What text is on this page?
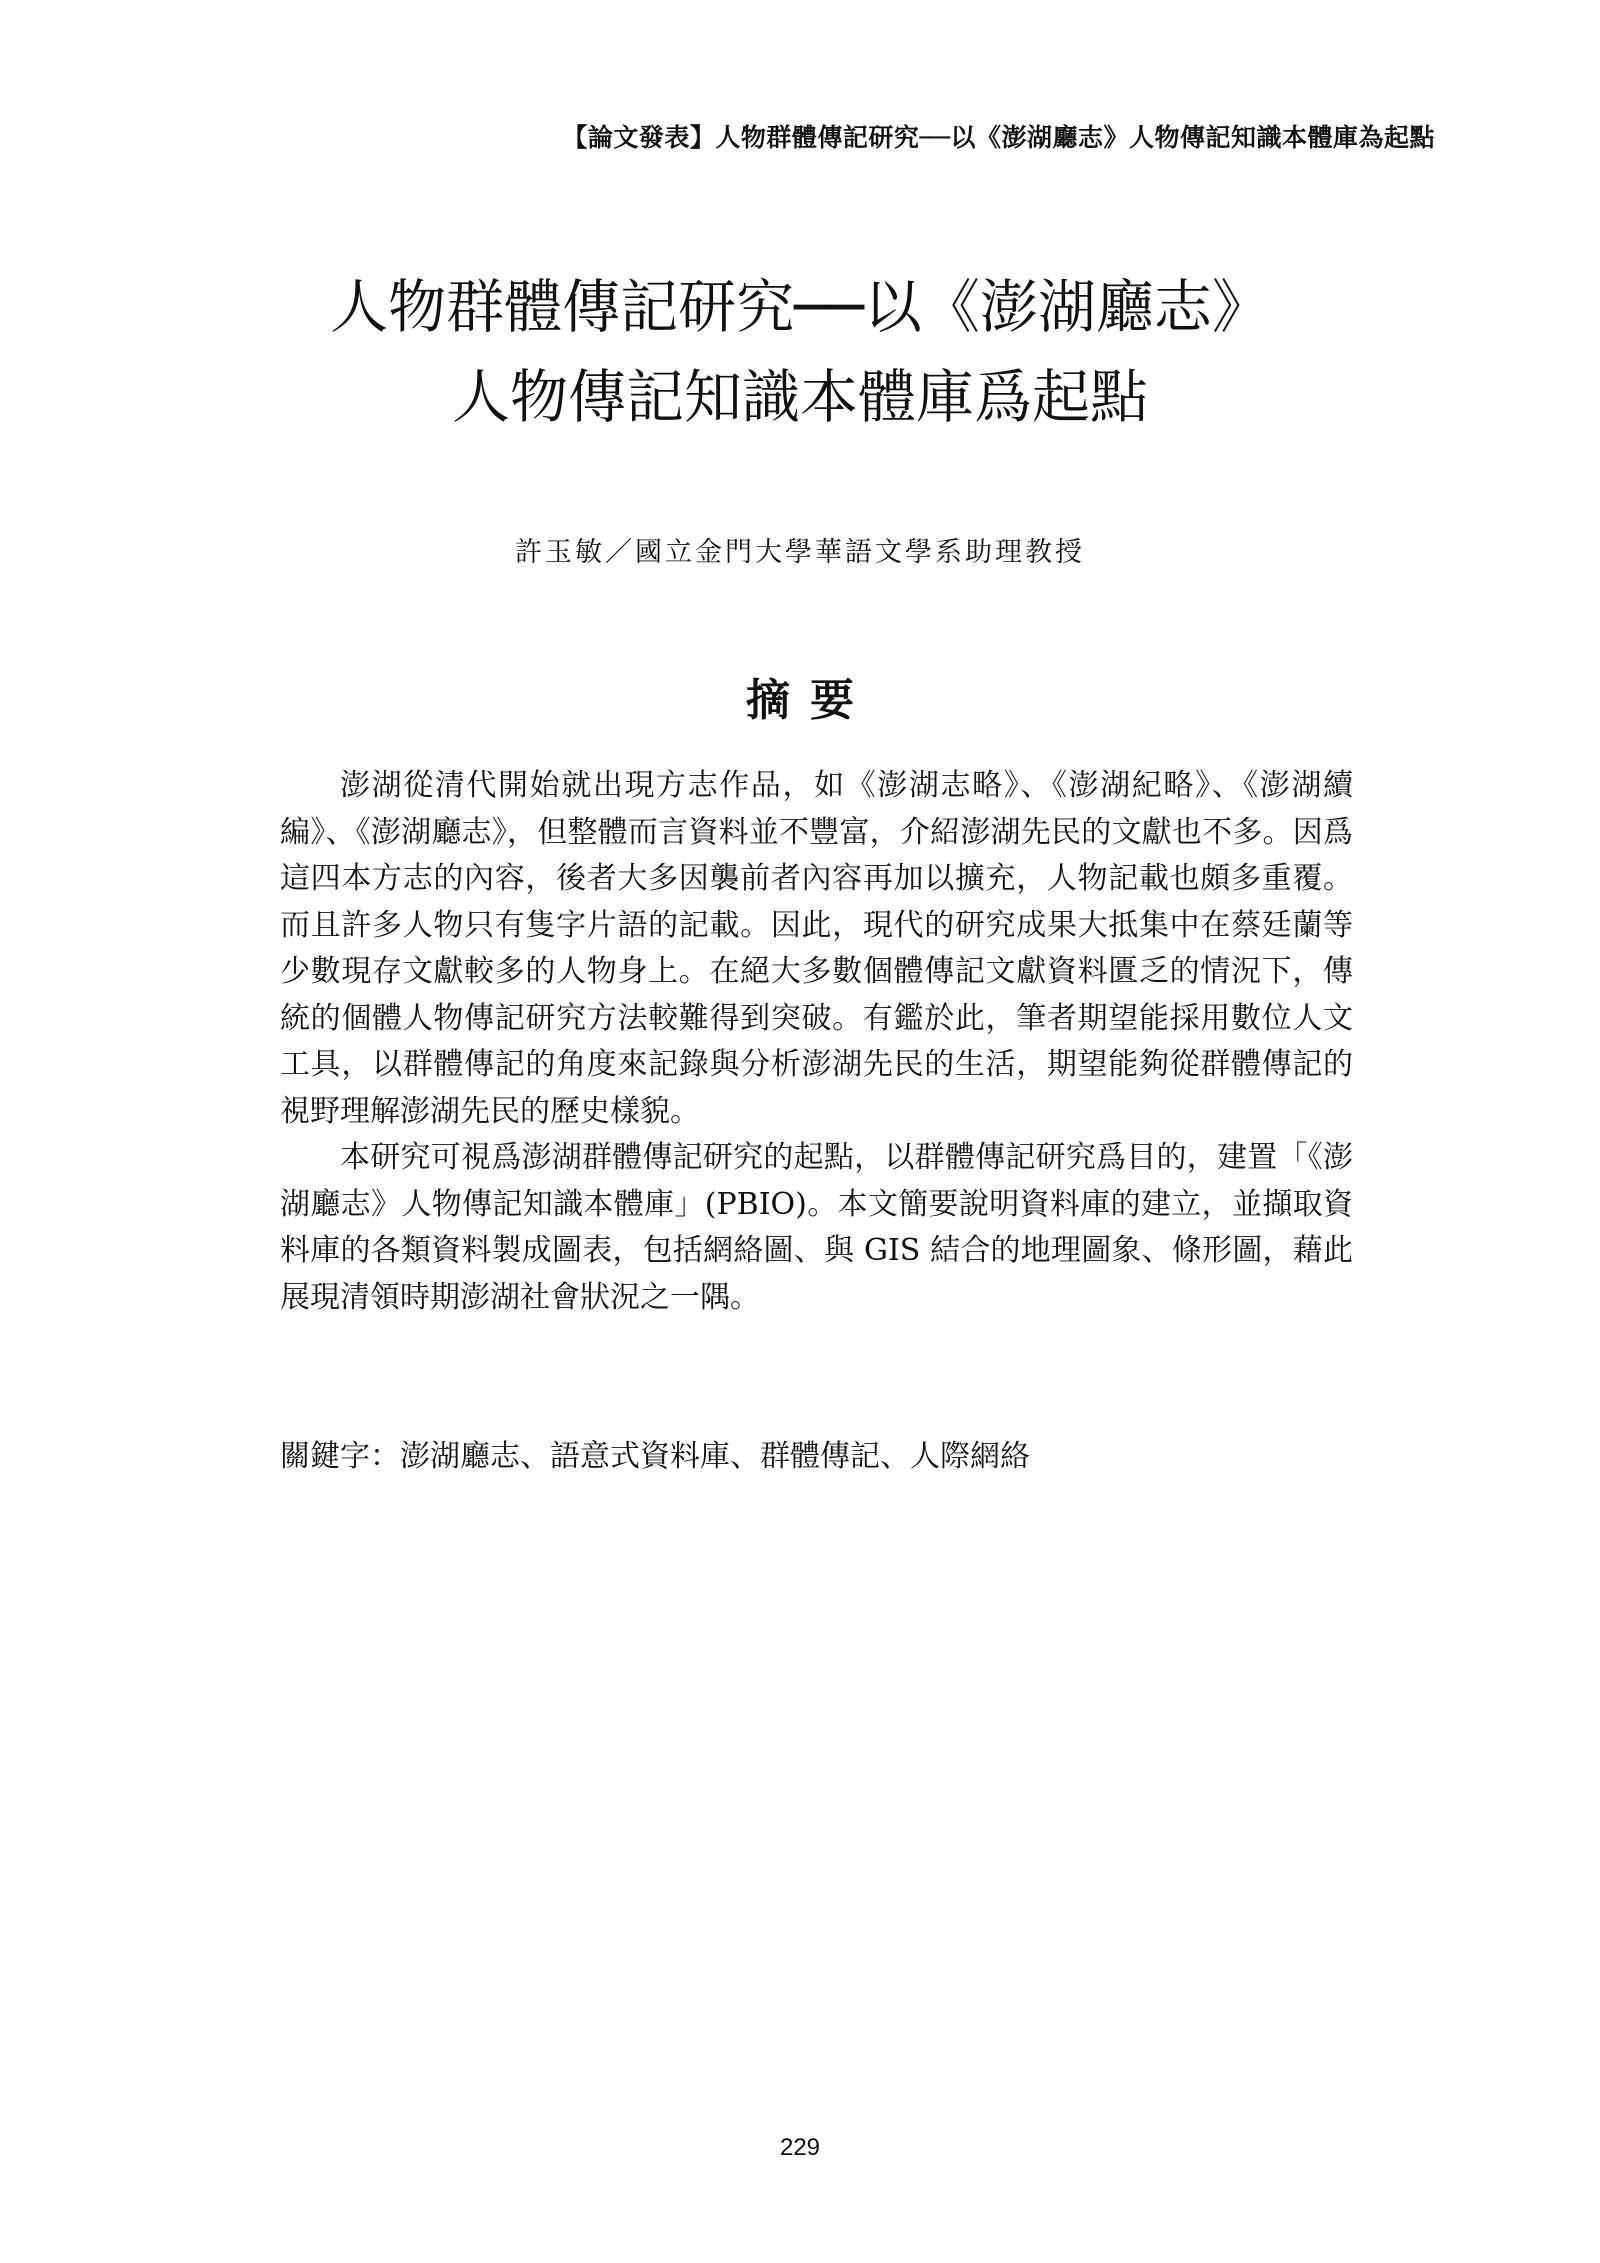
【論文發表】人物群體傳記研究──以《澎湖廳志》人物傳記知識本體庫為起點
人物群體傳記研究──以《澎湖廳志》
人物傳記知識本體庫爲起點
許玉敏／國立金門大學華語文學系助理教授
摘要

澎湖從清代開始就出現方志作品，如《澎湖志略》、《澎湖紀略》、《澎湖續編》、《澎湖廳志》，但整體而言資料並不豐富，介紹澎湖先民的文獻也不多。因爲這四本方志的內容，後者大多因襲前者內容再加以擴充，人物記載也頗多重覆。而且許多人物只有隻字片語的記載。因此，現代的研究成果大抵集中在蔡廷蘭等少數現存文獻較多的人物身上。在絕大多數個體傳記文獻資料匱乏的情況下，傳統的個體人物傳記研究方法較難得到突破。有鑑於此，筆者期望能採用數位人文工具，以群體傳記的角度來記錄與分析澎湖先民的生活，期望能夠從群體傳記的視野理解澎湖先民的歷史樣貌。

本研究可視爲澎湖群體傳記研究的起點，以群體傳記研究爲目的，建置「《澎湖廳志》人物傳記知識本體庫」(PBIO)。本文簡要說明資料庫的建立，並擷取資料庫的各類資料製成圖表，包括網絡圖、與 GIS 結合的地理圖象、條形圖，藉此展現清領時期澎湖社會狀況之一隅。

關鍵字：澎湖廳志、語意式資料庫、群體傳記、人際網絡
229
